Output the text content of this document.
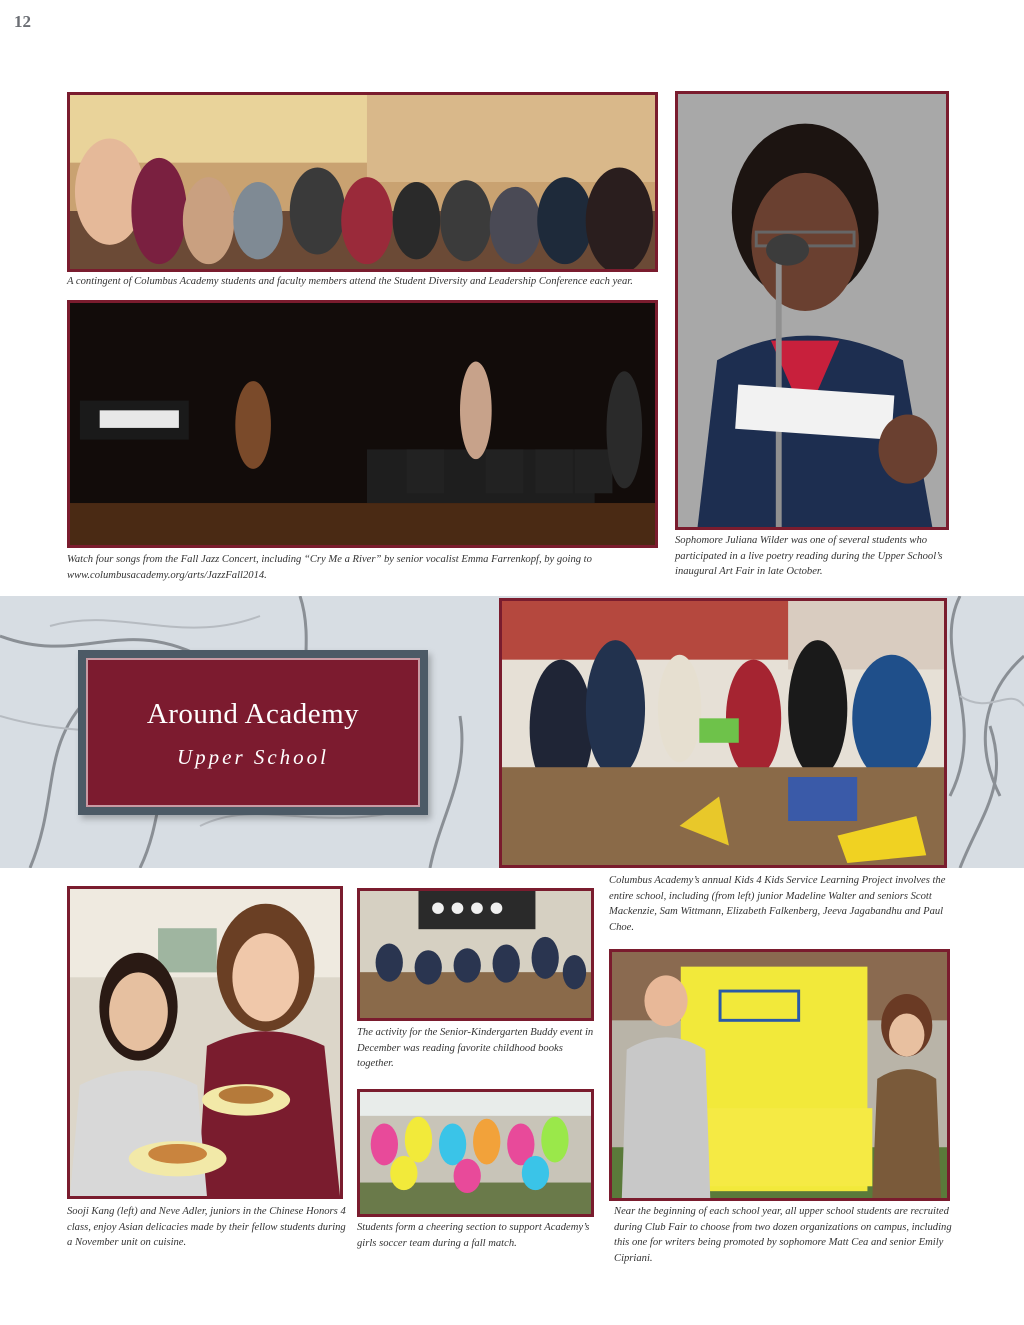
12

A contingent of Columbus Academy students and faculty members attend the Student Diversity and Leadership Conference each year.

Watch four songs from the Fall Jazz Concert, including “Cry Me a River” by senior vocalist Emma Farrenkopf, by going to www.columbusacademy.org/arts/JazzFall2014.

Sophomore Juliana Wilder was one of several students who participated in a live poetry reading during the Upper School’s inaugural Art Fair in late October.

Around Academy
Upper School

Columbus Academy’s annual Kids 4 Kids Service Learning Project involves the entire school, including (from left) junior Madeline Walter and seniors Scott Mackenzie, Sam Wittmann, Elizabeth Falkenberg, Jeeva Jagabandhu and Paul Choe.

Sooji Kang (left) and Neve Adler, juniors in the Chinese Honors 4 class, enjoy Asian delicacies made by their fellow students during a November unit on cuisine.

The activity for the Senior-Kindergarten Buddy event in December was reading favorite childhood books together.

Students form a cheering section to support Academy’s girls soccer team during a fall match.

Near the beginning of each school year, all upper school students are recruited during Club Fair to choose from two dozen organizations on campus, including this one for writers being promoted by sophomore Matt Cea and senior Emily Cipriani.
